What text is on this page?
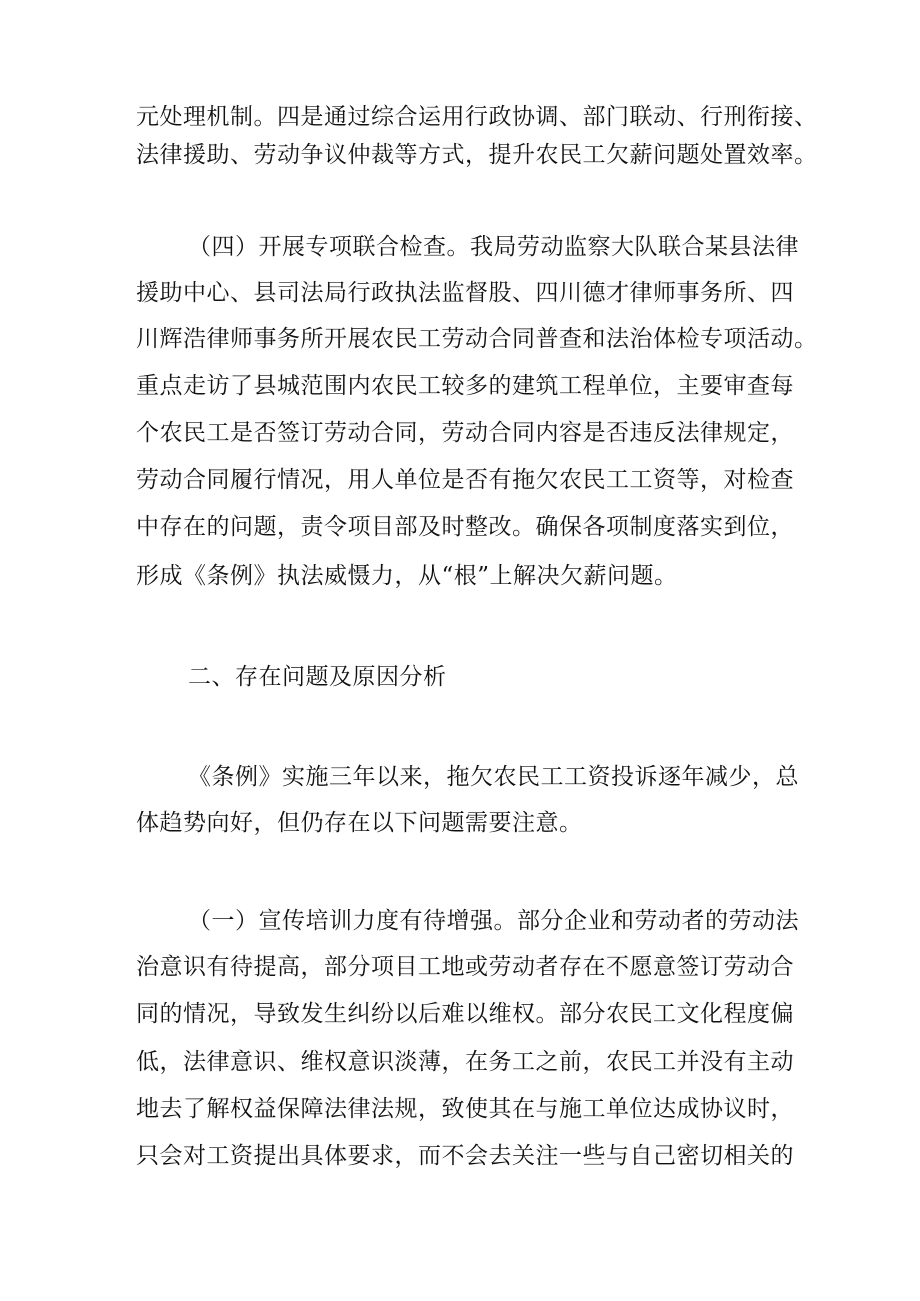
元处理机制。四是通过综合运用行政协调、部门联动、行刑衔接、
法律援助、劳动争议仲裁等方式，提升农民工欠薪问题处置效率。
（四）开展专项联合检查。我局劳动监察大队联合某县法律
援助中心、县司法局行政执法监督股、四川德才律师事务所、四
川辉浩律师事务所开展农民工劳动合同普查和法治体检专项活动。
重点走访了县城范围内农民工较多的建筑工程单位，主要审查每
个农民工是否签订劳动合同，劳动合同内容是否违反法律规定，
劳动合同履行情况，用人单位是否有拖欠农民工工资等，对检查
中存在的问题，责令项目部及时整改。确保各项制度落实到位，
形成《条例》执法威慑力，从“根”上解决欠薪问题。
二、存在问题及原因分析
《条例》实施三年以来，拖欠农民工工资投诉逐年减少，总
体趋势向好，但仍存在以下问题需要注意。
（一）宣传培训力度有待增强。部分企业和劳动者的劳动法
治意识有待提高，部分项目工地或劳动者存在不愿意签订劳动合
同的情况，导致发生纠纷以后难以维权。部分农民工文化程度偏
低，法律意识、维权意识淡薄，在务工之前，农民工并没有主动
地去了解权益保障法律法规，致使其在与施工单位达成协议时，
只会对工资提出具体要求，而不会去关注一些与自己密切相关的
